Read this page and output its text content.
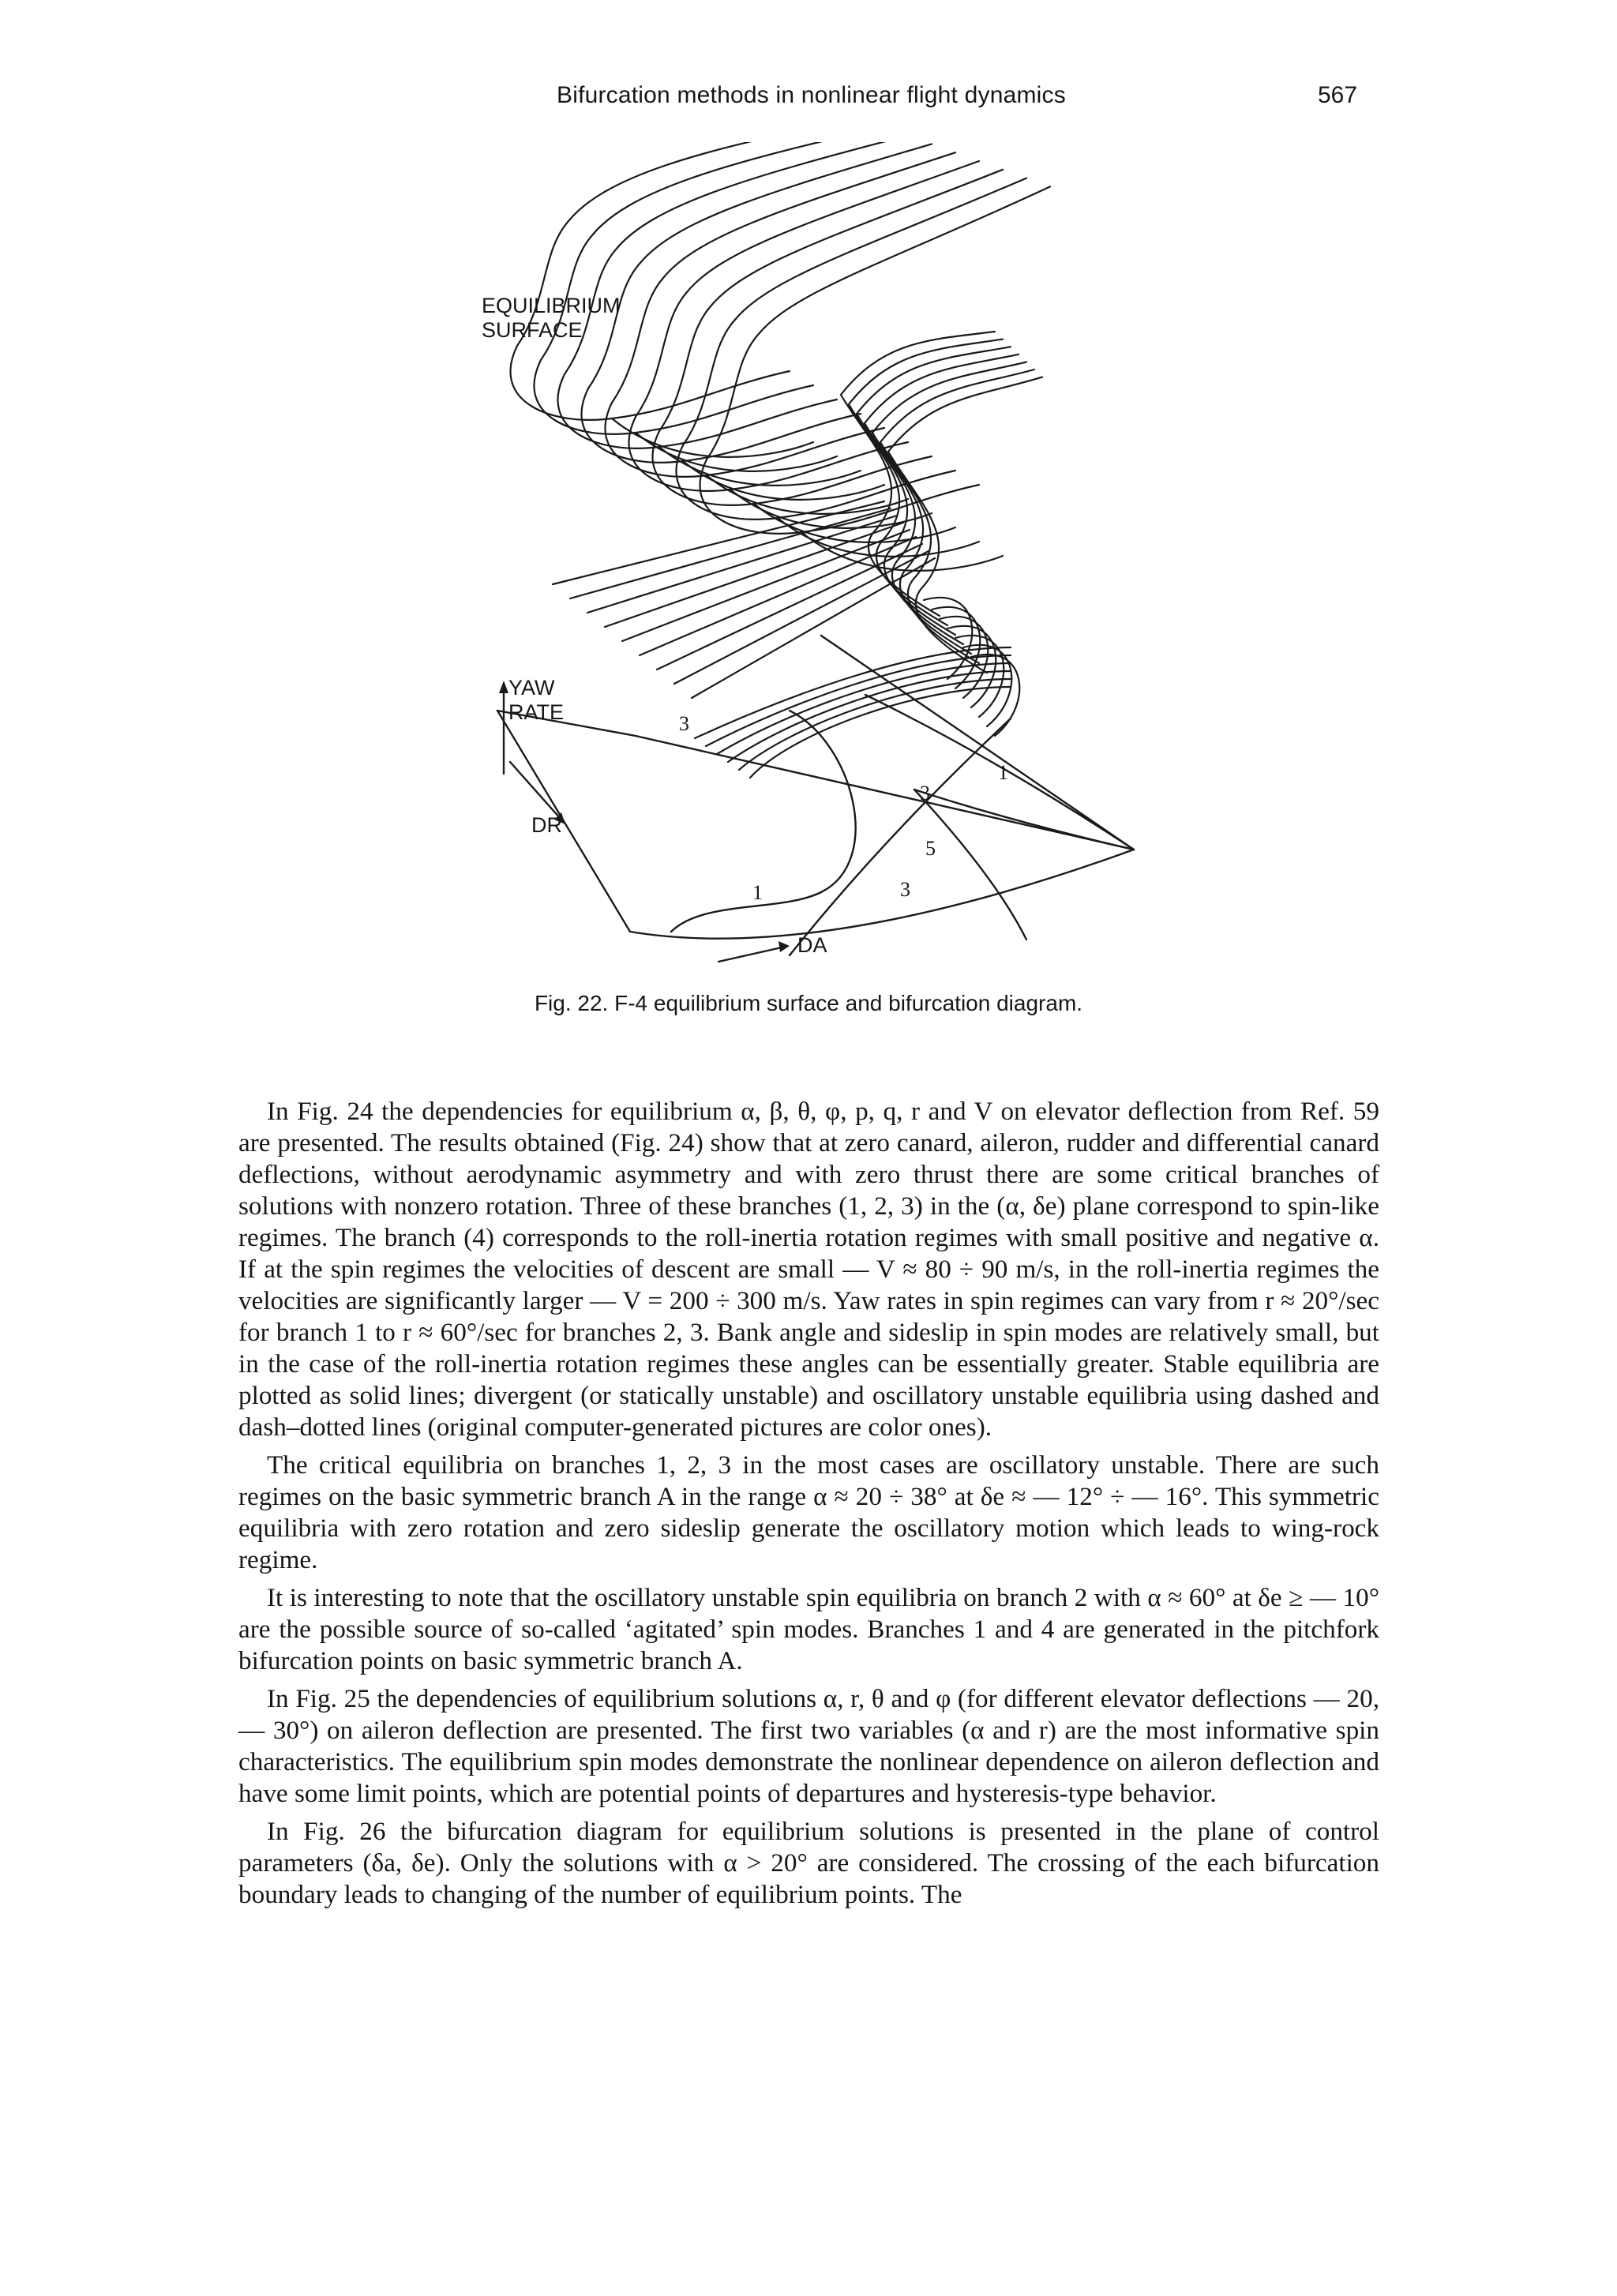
Bifurcation methods in nonlinear flight dynamics	567
EQUILIBRIUM
SURFACE
YAW
RATE
DR
DA
3
1
3
5
3
1
Fig. 22. F-4 equilibrium surface and bifurcation diagram.

In Fig. 24 the dependencies for equilibrium α, β, θ, φ, p, q, r and V on elevator deflection from Ref. 59 are presented. The results obtained (Fig. 24) show that at zero canard, aileron, rudder and differential canard deflections, without aerodynamic asymmetry and with zero thrust there are some critical branches of solutions with nonzero rotation. Three of these branches (1, 2, 3) in the (α, δe) plane correspond to spin-like regimes. The branch (4) corresponds to the roll-inertia rotation regimes with small positive and negative α. If at the spin regimes the velocities of descent are small — V ≈ 80 ÷ 90 m/s, in the roll-inertia regimes the velocities are significantly larger — V = 200 ÷ 300 m/s. Yaw rates in spin regimes can vary from r ≈ 20°/sec for branch 1 to r ≈ 60°/sec for branches 2, 3. Bank angle and sideslip in spin modes are relatively small, but in the case of the roll-inertia rotation regimes these angles can be essentially greater. Stable equilibria are plotted as solid lines; divergent (or statically unstable) and oscillatory unstable equilibria using dashed and dash–dotted lines (original computer-generated pictures are color ones).

The critical equilibria on branches 1, 2, 3 in the most cases are oscillatory unstable. There are such regimes on the basic symmetric branch A in the range α ≈ 20 ÷ 38° at δe ≈ — 12° ÷ — 16°. This symmetric equilibria with zero rotation and zero sideslip generate the oscillatory motion which leads to wing-rock regime.

It is interesting to note that the oscillatory unstable spin equilibria on branch 2 with α ≈ 60° at δe ≥ — 10° are the possible source of so-called ‘agitated’ spin modes. Branches 1 and 4 are generated in the pitchfork bifurcation points on basic symmetric branch A.

In Fig. 25 the dependencies of equilibrium solutions α, r, θ and φ (for different elevator deflections — 20, — 30°) on aileron deflection are presented. The first two variables (α and r) are the most informative spin characteristics. The equilibrium spin modes demonstrate the nonlinear dependence on aileron deflection and have some limit points, which are potential points of departures and hysteresis-type behavior.

In Fig. 26 the bifurcation diagram for equilibrium solutions is presented in the plane of control parameters (δa, δe). Only the solutions with α > 20° are considered. The crossing of the each bifurcation boundary leads to changing of the number of equilibrium points. The
